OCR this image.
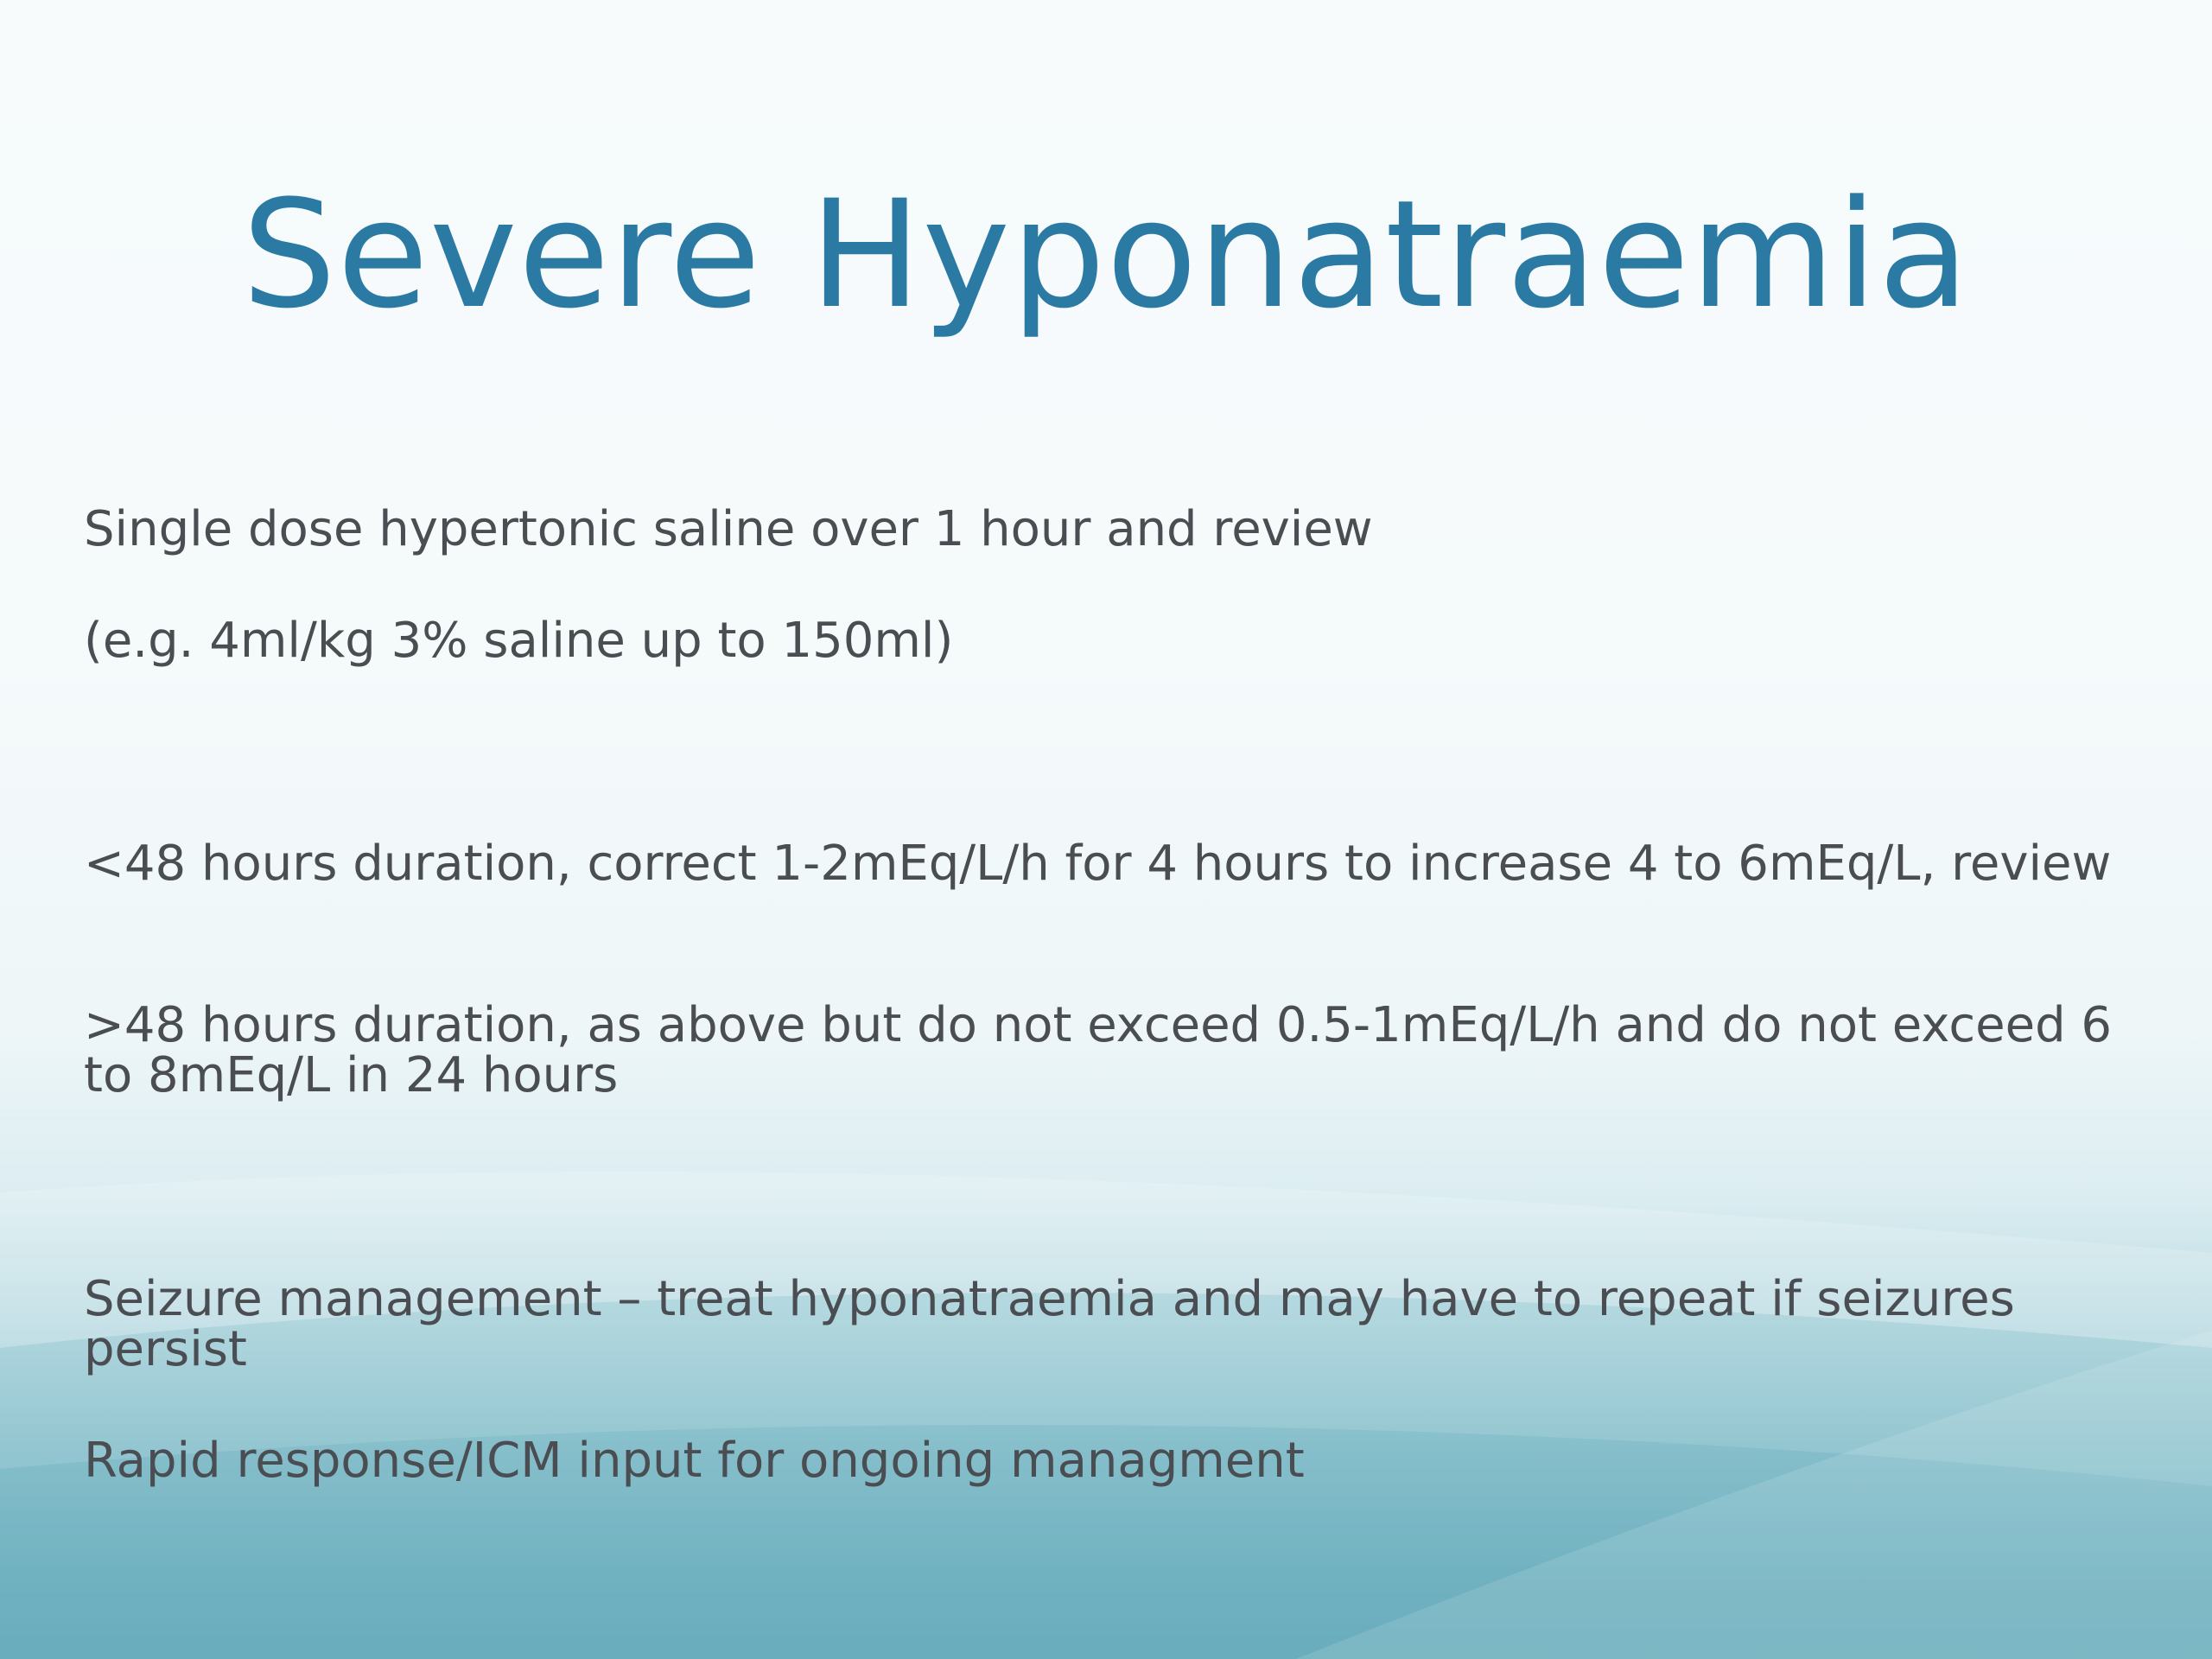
Severe Hyponatraemia
Single dose hypertonic saline over 1 hour and review
(e.g. 4ml/kg 3% saline up to 150ml)
<48 hours duration, correct 1-2mEq/L/h for 4 hours to increase 4 to 6mEq/L, review
>48 hours duration, as above but do not exceed 0.5-1mEq/L/h and do not exceed 6 to 8mEq/L in 24 hours
Seizure management – treat hyponatraemia and may have to repeat if seizures persist
Rapid response/ICM input for ongoing managment
